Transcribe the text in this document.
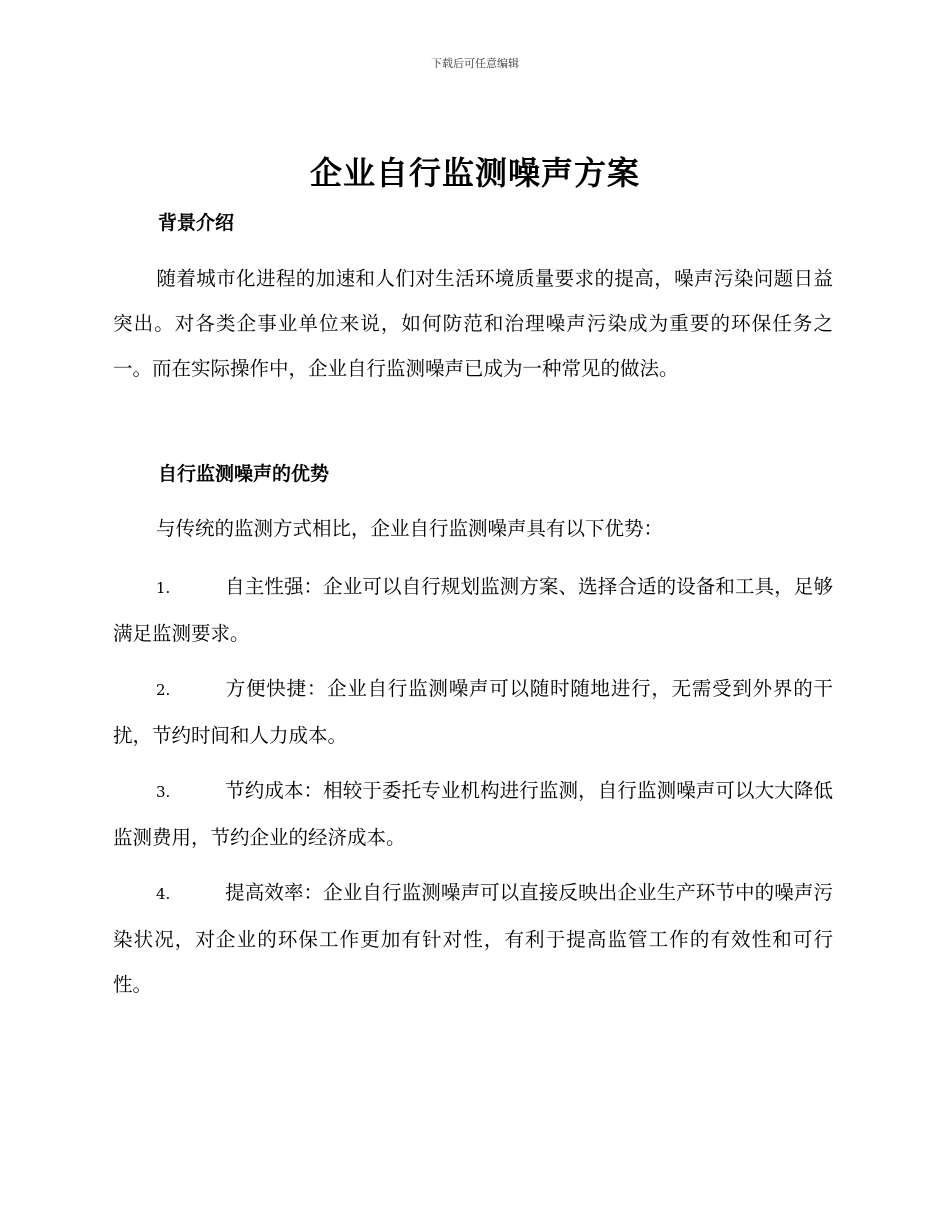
下载后可任意编辑
企业自行监测噪声方案
背景介绍
随着城市化进程的加速和人们对生活环境质量要求的提高，噪声污染问题日益突出。对各类企事业单位来说，如何防范和治理噪声污染成为重要的环保任务之一。而在实际操作中，企业自行监测噪声已成为一种常见的做法。
自行监测噪声的优势
与传统的监测方式相比，企业自行监测噪声具有以下优势：
1.	自主性强：企业可以自行规划监测方案、选择合适的设备和工具，足够满足监测要求。
2.	方便快捷：企业自行监测噪声可以随时随地进行，无需受到外界的干扰，节约时间和人力成本。
3.	节约成本：相较于委托专业机构进行监测，自行监测噪声可以大大降低监测费用，节约企业的经济成本。
4.	提高效率：企业自行监测噪声可以直接反映出企业生产环节中的噪声污染状况，对企业的环保工作更加有针对性，有利于提高监管工作的有效性和可行性。
